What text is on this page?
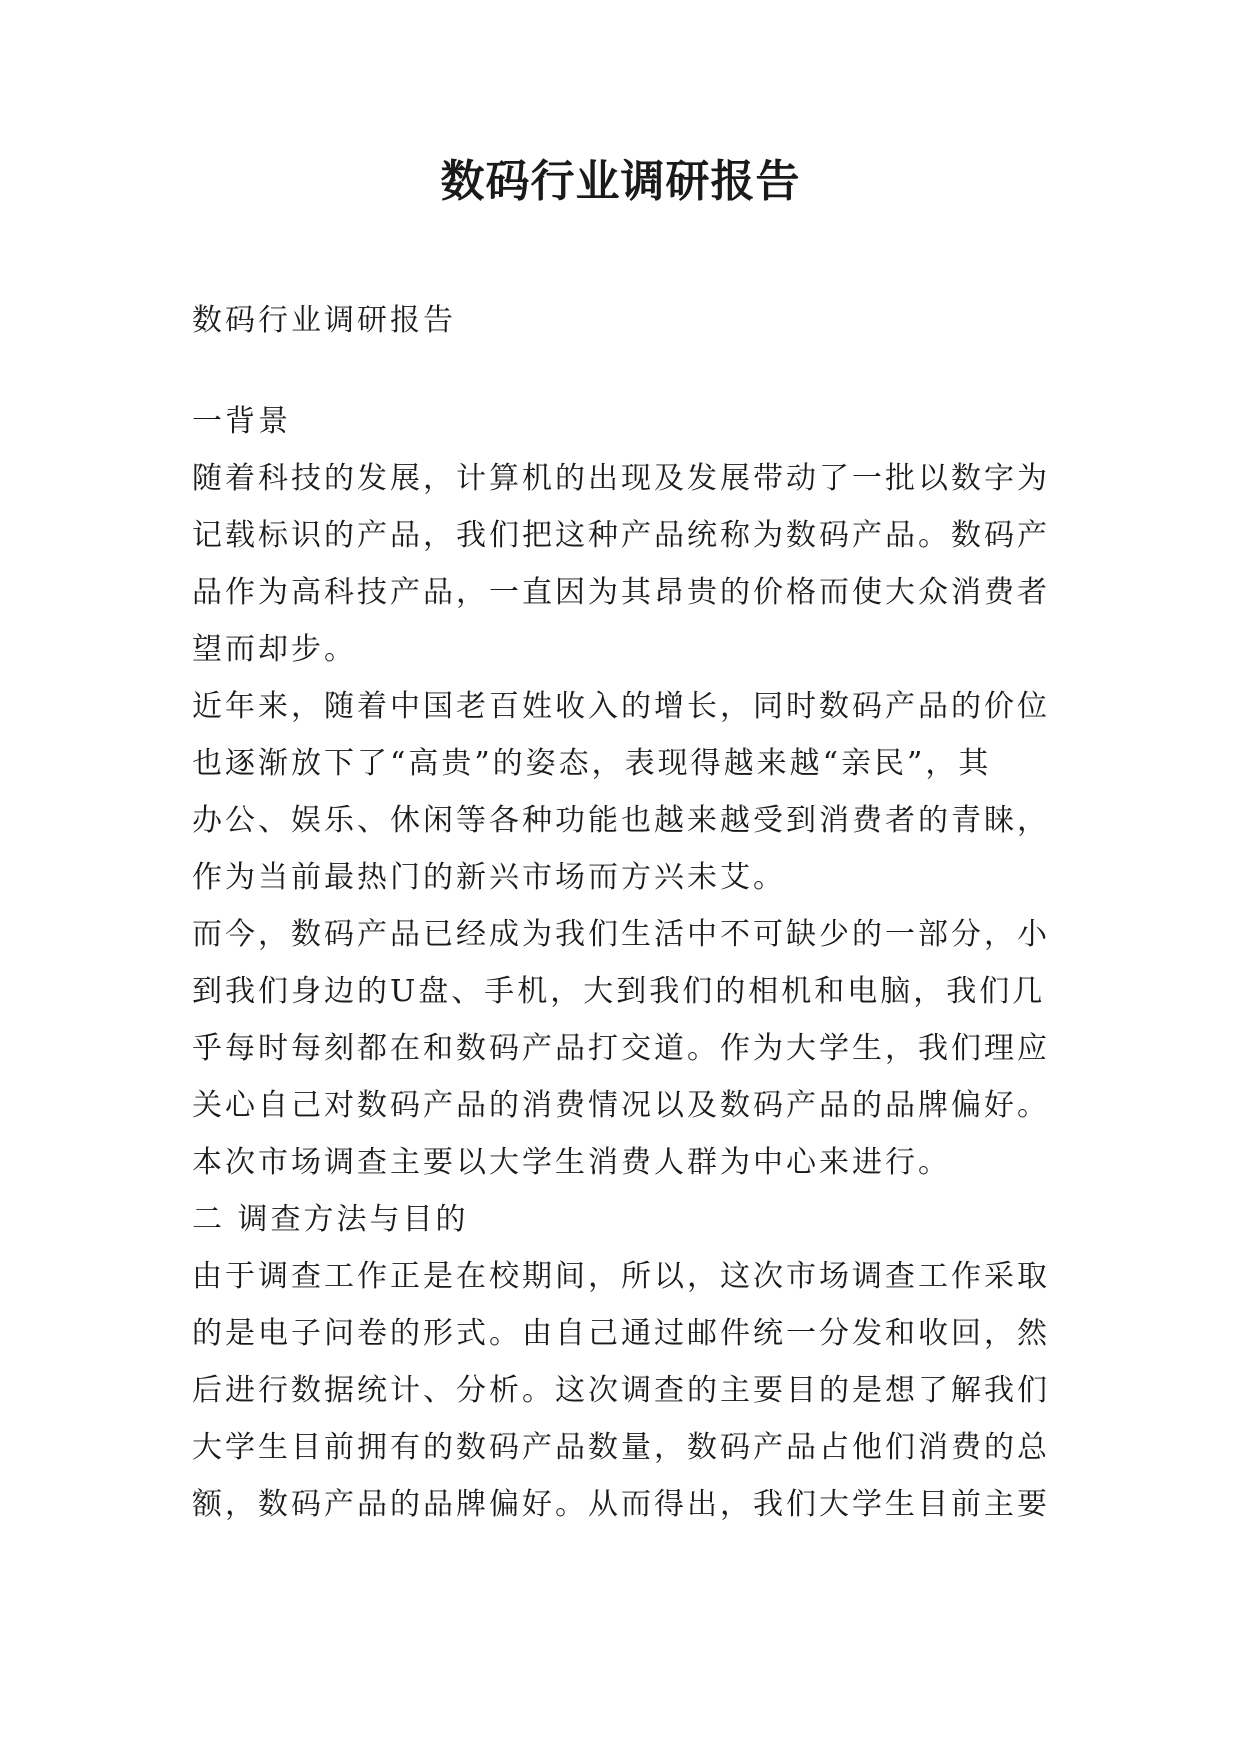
数码行业调研报告
数码行业调研报告
一背景
随着科技的发展，计算机的出现及发展带动了一批以数字为
记载标识的产品，我们把这种产品统称为数码产品。数码产
品作为高科技产品，一直因为其昂贵的价格而使大众消费者
望而却步。
近年来，随着中国老百姓收入的增长，同时数码产品的价位
也逐渐放下了“高贵”的姿态，表现得越来越“亲民”，其
办公、娱乐、休闲等各种功能也越来越受到消费者的青睐，
作为当前最热门的新兴市场而方兴未艾。
而今，数码产品已经成为我们生活中不可缺少的一部分，小
到我们身边的U盘、手机，大到我们的相机和电脑，我们几
乎每时每刻都在和数码产品打交道。作为大学生，我们理应
关心自己对数码产品的消费情况以及数码产品的品牌偏好。
本次市场调查主要以大学生消费人群为中心来进行。
二 调查方法与目的
由于调查工作正是在校期间，所以，这次市场调查工作采取
的是电子问卷的形式。由自己通过邮件统一分发和收回，然
后进行数据统计、分析。这次调查的主要目的是想了解我们
大学生目前拥有的数码产品数量，数码产品占他们消费的总
额，数码产品的品牌偏好。从而得出，我们大学生目前主要
